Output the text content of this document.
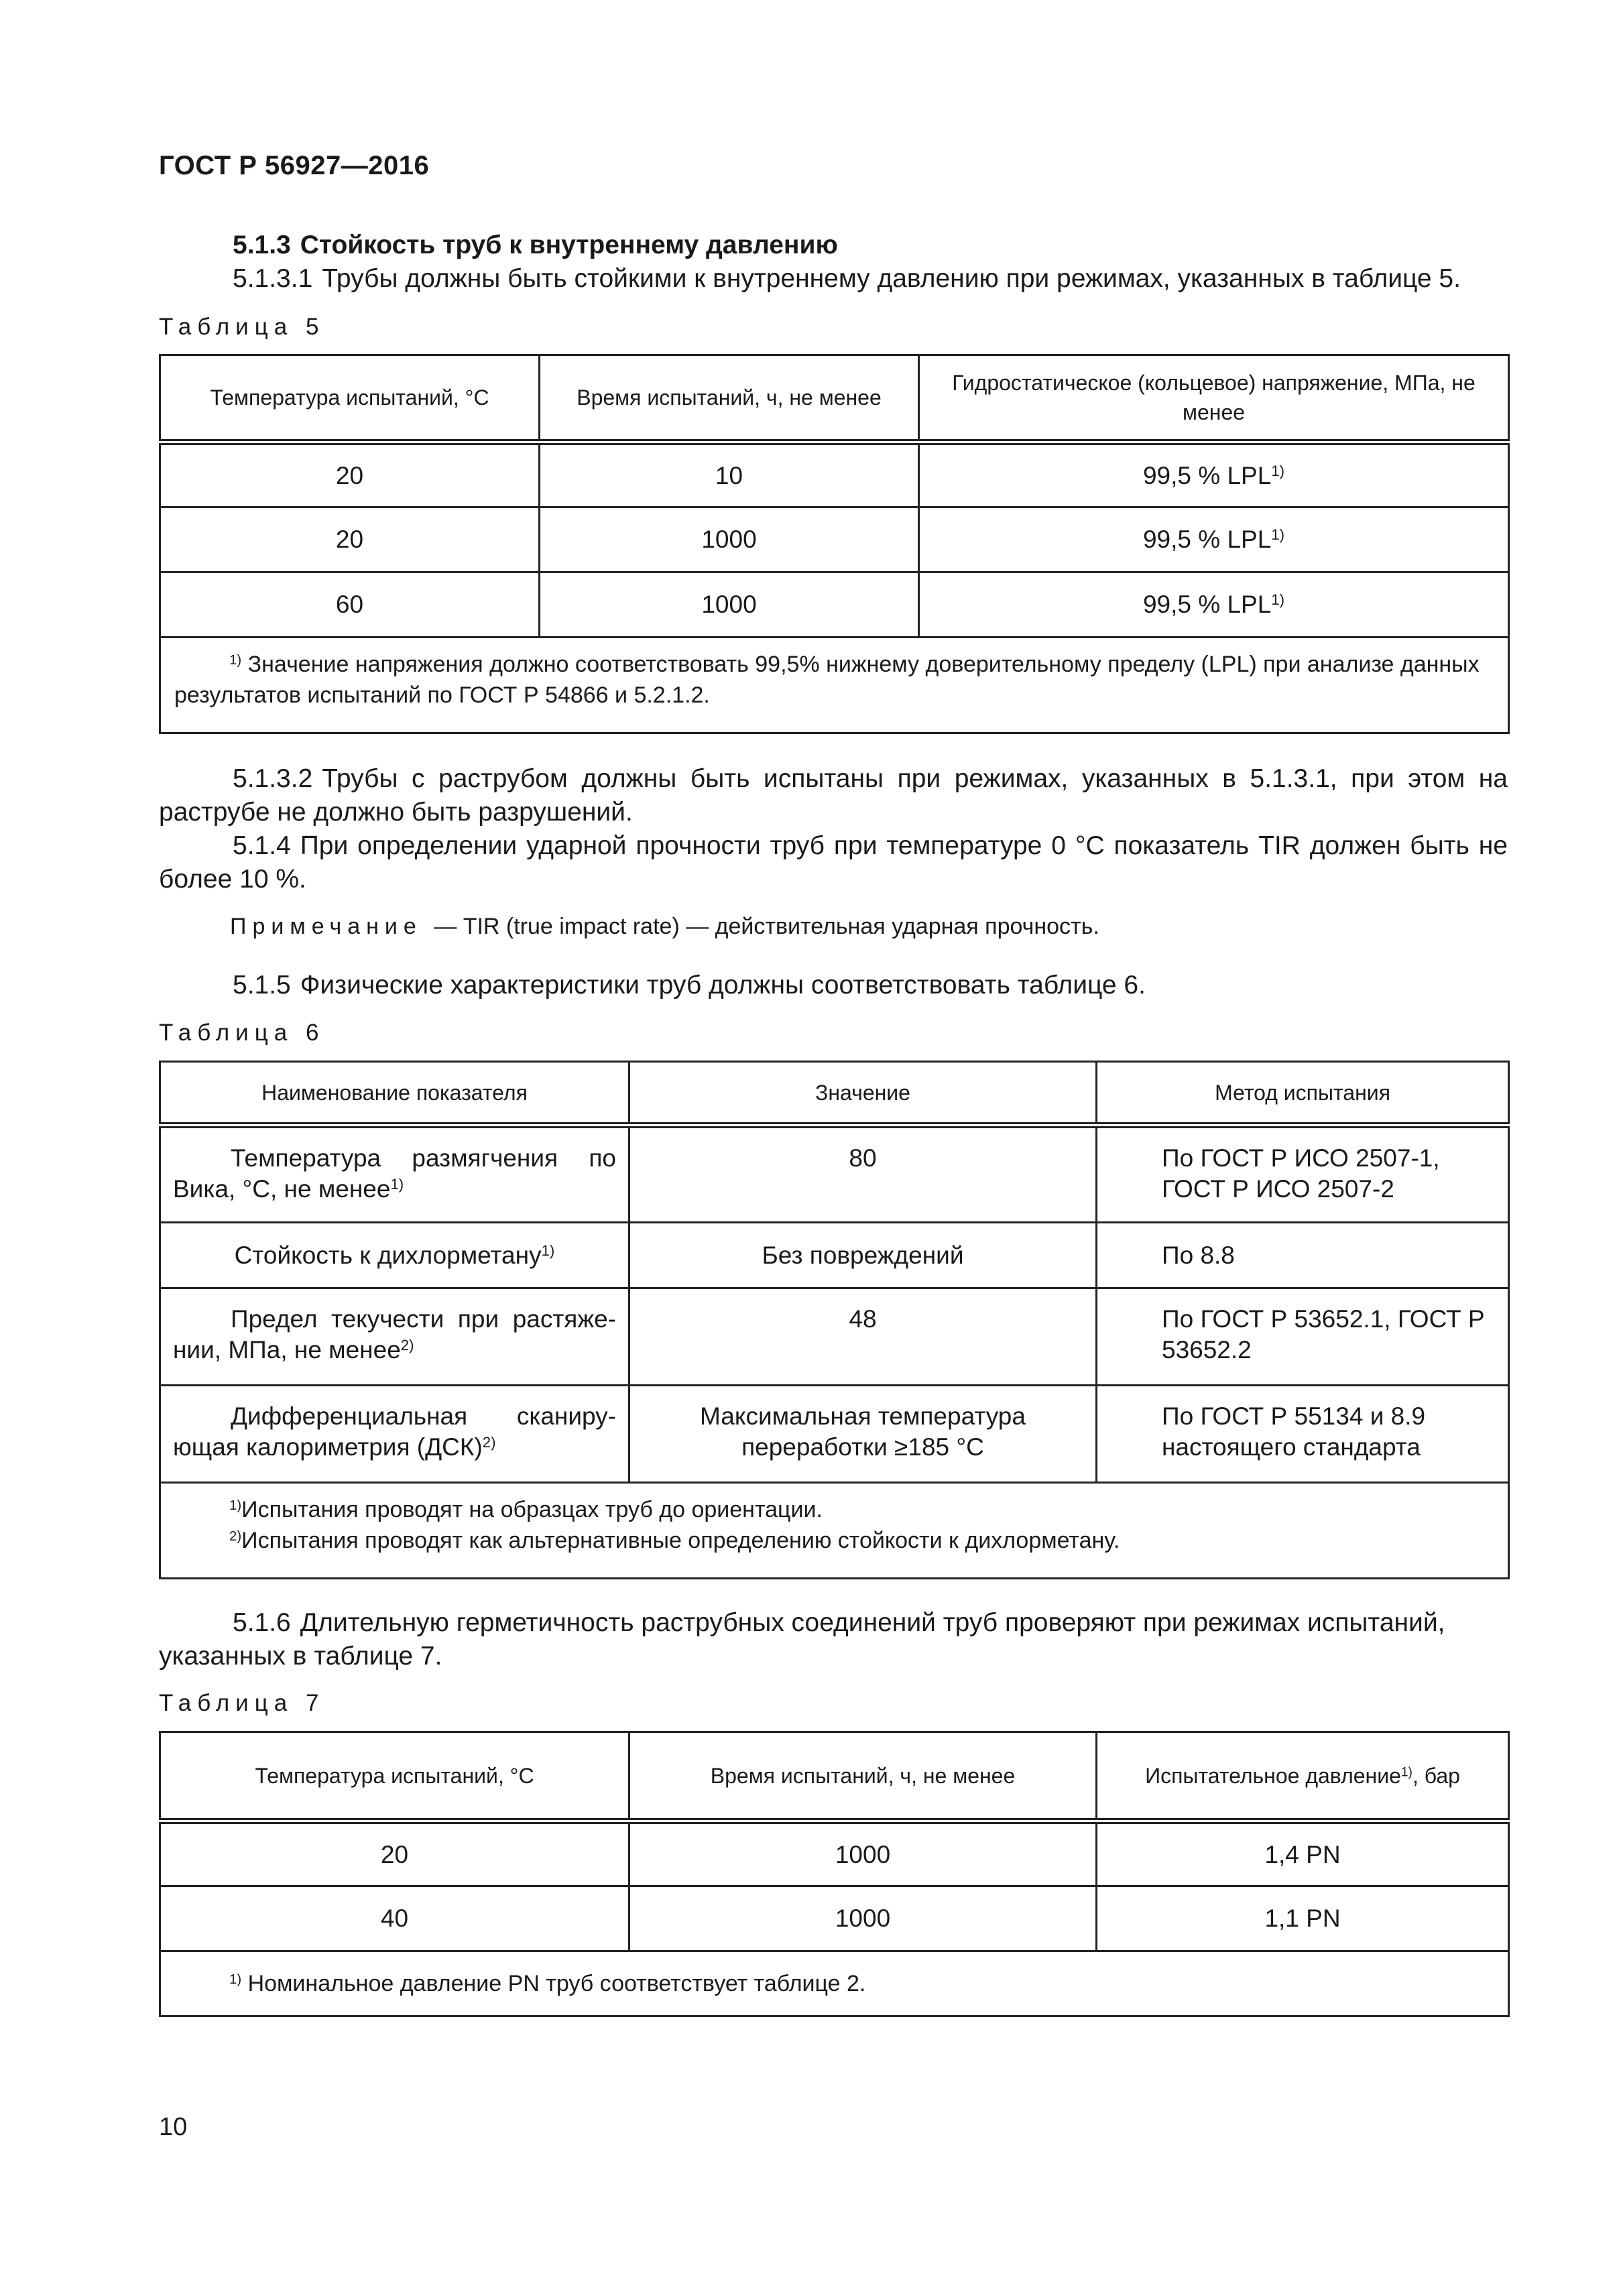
ГОСТ Р 56927—2016
5.1.3 Стойкость труб к внутреннему давлению
5.1.3.1 Трубы должны быть стойкими к внутреннему давлению при режимах, указанных в таблице 5.
Таблица 5
Температура испытаний, °С	Время испытаний, ч, не менее	Гидростатическое (кольцевое) напряжение, МПа, не менее
20	10	99,5 % LPL$^{1)}$
20	1000	99,5 % LPL$^{1)}$
60	1000	99,5 % LPL$^{1)}$

$^{1)}$ Значение напряжения должно соответствовать 99,5% нижнему доверительному пределу (LPL) при анализе данных результатов испытаний по ГОСТ Р 54866 и 5.2.1.2.		
5.1.3.2 Трубы с раструбом должны быть испытаны при режимах, указанных в 5.1.3.1, при этом на раструбе не должно быть разрушений.
5.1.4 При определении ударной прочности труб при температуре 0 °С показатель TIR должен быть не более 10 %.
Примечание — TIR (true impact rate) — действительная ударная прочность.
5.1.5 Физические характеристики труб должны соответствовать таблице 6.
Таблица 6
Наименование показателя	Значение	Метод испытания
Температура размягчения по Вика, °С, не менее$^{1)}$	80	По ГОСТ Р ИСО 2507-1, ГОСТ Р ИСО 2507-2
Стойкость к дихлорметану$^{1)}$	Без повреждений	По 8.8
Предел текучести при растяже-нии, МПа, не менее$^{2)}$	48	По ГОСТ Р 53652.1, ГОСТ Р 53652.2
Дифференциальная сканиру-ющая калориметрия (ДСК)$^{2)}$	Максимальная температура переработки ≥185 °С	По ГОСТ Р 55134 и 8.9 настоящего стандарта

$^{1)}$Испытания проводят на образцах труб до ориентации.
$^{2)}$Испытания проводят как альтернативные определению стойкости к дихлорметану.		
5.1.6 Длительную герметичность раструбных соединений труб проверяют при режимах испытаний, указанных в таблице 7.
Таблица 7
Температура испытаний, °С	Время испытаний, ч, не менее	Испытательное давление$^{1)}$, бар
20	1000	1,4 PN
40	1000	1,1 PN

$^{1)}$ Номинальное давление PN труб соответствует таблице 2.		
10
